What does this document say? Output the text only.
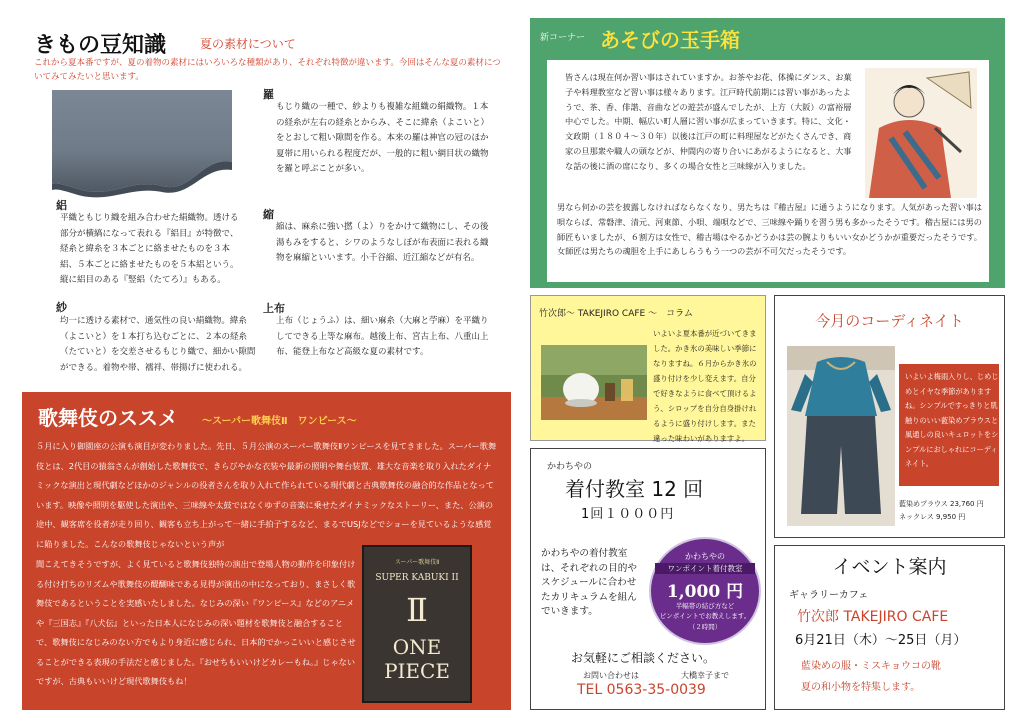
きもの豆知識	夏の素材について
これから夏本番ですが、夏の着物の素材にはいろいろな種類があり、それぞれ特徴が違います。今回はそんな夏の素材についてみてみたいと思います。
絽
平織ともじり織を組み合わせた絹織物。透ける部分が横縞になって表れる『絽目』が特徴で、経糸と緯糸を３本ごとに絡ませたものを３本絽、５本ごとに絡ませたものを５本絽という。縦に絽目のある『竪絽（たてろ）』もある。
羅
もじり織の一種で、紗よりも複雑な組織の絹織物。１本の経糸が左右の経糸とからみ、そこに緯糸（よこいと）をとおして粗い隙間を作る。本来の羅は神官の冠のほか夏帯に用いられる程度だが、一般的に粗い網目状の織物を羅と呼ぶことが多い。
紗
均一に透ける素材で、通気性の良い絹織物。緯糸（よこいと）を１本打ち込むごとに、２本の経糸（たていと）を交差させるもじり織で、細かい隙間ができる。着物や帯、襦袢、帯揚げに使われる。
縮
縮は、麻糸に強い撚（よ）りをかけて織物にし、その後湯もみをすると、シワのようなしぼが布表面に表れる織物を麻縮といいます。小千谷縮、近江縮などが有名。
上布
上布（じょうふ）は、細い麻糸（大麻と苧麻）を平織りしてできる上等な麻布。越後上布、宮古上布、八重山上布、能登上布など高級な夏の素材です。
歌舞伎のススメ ～スーパー歌舞伎Ⅱ　ワンピース～
５月に入り御園座の公演も演目が変わりました。先日、５月公演のスーパー歌舞伎Ⅱワンピースを見てきました。スーパー歌舞伎とは、2代目の猿翁さんが創始した歌舞伎で、きらびやかな衣装や最新の照明や舞台装置、雄大な音楽を取り入れたダイナミックな演出と現代劇などほかのジャンルの役者さんを取り入れて作られている現代劇と古典歌舞伎の融合的な作品となっています。映像や照明を駆使した演出や、三味線や太鼓ではなくゆずの音楽に乗せたダイナミックなストーリー、また、公演の途中、観客席を役者が走り回り、観客も立ち上がって一緒に手拍子するなど、まるでUSJなどでショーを見ているような感覚に陥りました。こんなの歌舞伎じゃないという声が
聞こえてきそうですが、よく見ていると歌舞伎独特の演出で登場人物の動作を印象付ける付け打ちのリズムや歌舞伎の醍醐味である見得が演出の中になっており、まさしく歌舞伎であるということを実感いたしました。なじみの深い『ワンピース』などのアニメや『三国志』『八犬伝』といった日本人になじみの深い題材を歌舞伎と融合することで、歌舞伎になじみのない方でもより身近に感じられ、日本的でかっこいいと感じさせることができる表現の手法だと感じました。『おせちもいいけどカレーもね。』じゃないですが、古典もいいけど現代歌舞伎もね！
スーパー歌舞伎Ⅱ
SUPER KABUKI II
Ⅱ
ONE PIECE
新コーナー あそびの玉手箱
皆さんは現在何か習い事はされていますか。お茶やお花、体操にダンス、お菓子や料理教室など習い事は様々あります。江戸時代前期には習い事があったようで、茶、香、俳諧、音曲などの遊芸が盛んでしたが、上方（大阪）の富裕層中心でした。中期、幅広い町人層に習い事が広まっていきます。特に、文化・文政期（１８０４～３０年）以後は江戸の町に料理屋などがたくさんでき、商家の旦那衆や職人の頭などが、仲間内の寄り合いにあがるようになると、大事な話の後に酒の席になり、多くの場合女性と三味線が入りました。
男なら何かの芸を披露しなければならなくなり、男たちは『稽古屋』に通うようになります。人気があった習い事は唄ならば、常磐津、清元、河東節、小唄、端唄などで、三味線や踊りを習う男も多かったそうです。稽古屋には男の師匠もいましたが、６割方は女性で、稽古場はやるかどうかは芸の腕よりもいい女かどうかが重要だったそうです。女師匠は男たちの魂胆を上手にあしらうもう一つの芸が不可欠だったそうです。
竹次郎～ TAKEJIRO CAFE ～　コラム
いよいよ夏本番が近づいてきました。かき氷の美味しい季節になりますね。６月からかき氷の盛り付けを少し変えます。自分で好きなように食べて頂けるよう、シロップを自分自身掛けれるように盛り付けします。また違った味わいがありますよ。
今月のコーディネイト
いよいよ梅雨入りし、じめじめとイヤな季節がありますね。シンプルですっきりと肌触りのいい藍染めブラウスと風通しの良いキュロットをシンプルにおしゃれにコーディネイト。
藍染めブラウス 23,760 円
ネックレス 9,950 円
かわちやの
着付教室 12 回
1回１０００円
かわちやの着付教室は、それぞれの目的やスケジュールに合わせたカリキュラムを組んでいきます。
かわちやの
ワンポイント着付教室
1,000 円
半幅帯の結び方など
ピンポイントでお教えします。
（２時間）
お気軽にご相談ください。
お問い合わせは	大橋幸子まで
TEL 0563-35-0039
イベント案内
ギャラリーカフェ
竹次郎 TAKEJIRO CAFE
6月21日（木）～25日（月）
藍染めの服・ミスキョウコの靴
夏の和小物を特集します。
